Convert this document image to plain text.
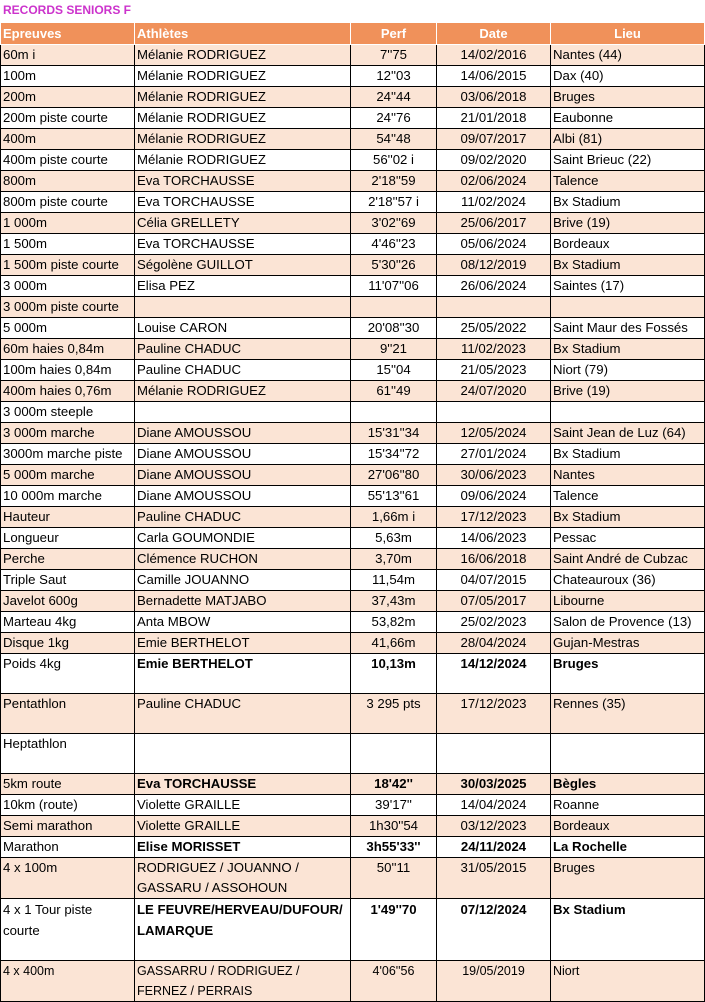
RECORDS SENIORS F
Epreuves	Athlètes	Perf	Date	Lieu
60m i	Mélanie RODRIGUEZ	7''75	14/02/2016	Nantes (44)
100m	Mélanie RODRIGUEZ	12''03	14/06/2015	Dax (40)
200m	Mélanie RODRIGUEZ	24''44	03/06/2018	Bruges
200m piste courte	Mélanie RODRIGUEZ	24''76	21/01/2018	Eaubonne
400m	Mélanie RODRIGUEZ	54''48	09/07/2017	Albi (81)
400m piste courte	Mélanie RODRIGUEZ	56''02 i	09/02/2020	Saint Brieuc (22)
800m	Eva TORCHAUSSE	2'18''59	02/06/2024	Talence
800m piste courte	Eva TORCHAUSSE	2'18''57 i	11/02/2024	Bx Stadium
1 000m	Célia GRELLETY	3'02''69	25/06/2017	Brive (19)
1 500m	Eva TORCHAUSSE	4'46''23	05/06/2024	Bordeaux
1 500m piste courte	Ségolène GUILLOT	5'30''26	08/12/2019	Bx Stadium
3 000m	Elisa PEZ	11'07''06	26/06/2024	Saintes (17)
3 000m piste courte				
5 000m	Louise CARON	20'08''30	25/05/2022	Saint Maur des Fossés
60m haies 0,84m	Pauline CHADUC	9''21	11/02/2023	Bx Stadium
100m haies 0,84m	Pauline CHADUC	15''04	21/05/2023	Niort (79)
400m haies 0,76m	Mélanie RODRIGUEZ	61''49	24/07/2020	Brive (19)
3 000m steeple				
3 000m marche	Diane AMOUSSOU	15'31''34	12/05/2024	Saint Jean de Luz (64)
3000m marche piste	Diane AMOUSSOU	15'34''72	27/01/2024	Bx Stadium
5 000m marche	Diane AMOUSSOU	27'06''80	30/06/2023	Nantes
10 000m marche	Diane AMOUSSOU	55'13''61	09/06/2024	Talence
Hauteur	Pauline CHADUC	1,66m i	17/12/2023	Bx Stadium
Longueur	Carla GOUMONDIE	5,63m	14/06/2023	Pessac
Perche	Clémence RUCHON	3,70m	16/06/2018	Saint André de Cubzac
Triple Saut	Camille JOUANNO	11,54m	04/07/2015	Chateauroux (36)
Javelot 600g	Bernadette MATJABO	37,43m	07/05/2017	Libourne
Marteau 4kg	Anta MBOW	53,82m	25/02/2023	Salon de Provence (13)
Disque 1kg	Emie BERTHELOT	41,66m	28/04/2024	Gujan-Mestras
Poids 4kg	Emie BERTHELOT	10,13m	14/12/2024	Bruges
Pentathlon	Pauline CHADUC	3 295 pts	17/12/2023	Rennes (35)
Heptathlon				
5km route	Eva TORCHAUSSE	18'42''	30/03/2025	Bègles
10km (route)	Violette GRAILLE	39'17''	14/04/2024	Roanne
Semi marathon	Violette GRAILLE	1h30''54	03/12/2023	Bordeaux
Marathon	Elise MORISSET	3h55'33''	24/11/2024	La Rochelle
4 x 100m	RODRIGUEZ / JOUANNO / GASSARU / ASSOHOUN	50''11	31/05/2015	Bruges
4 x 1 Tour piste courte	LE FEUVRE/HERVEAU/DUFOUR/ LAMARQUE	1'49''70	07/12/2024	Bx Stadium
4 x 400m	GASSARRU / RODRIGUEZ / FERNEZ / PERRAIS	4'06''56	19/05/2019	Niort
